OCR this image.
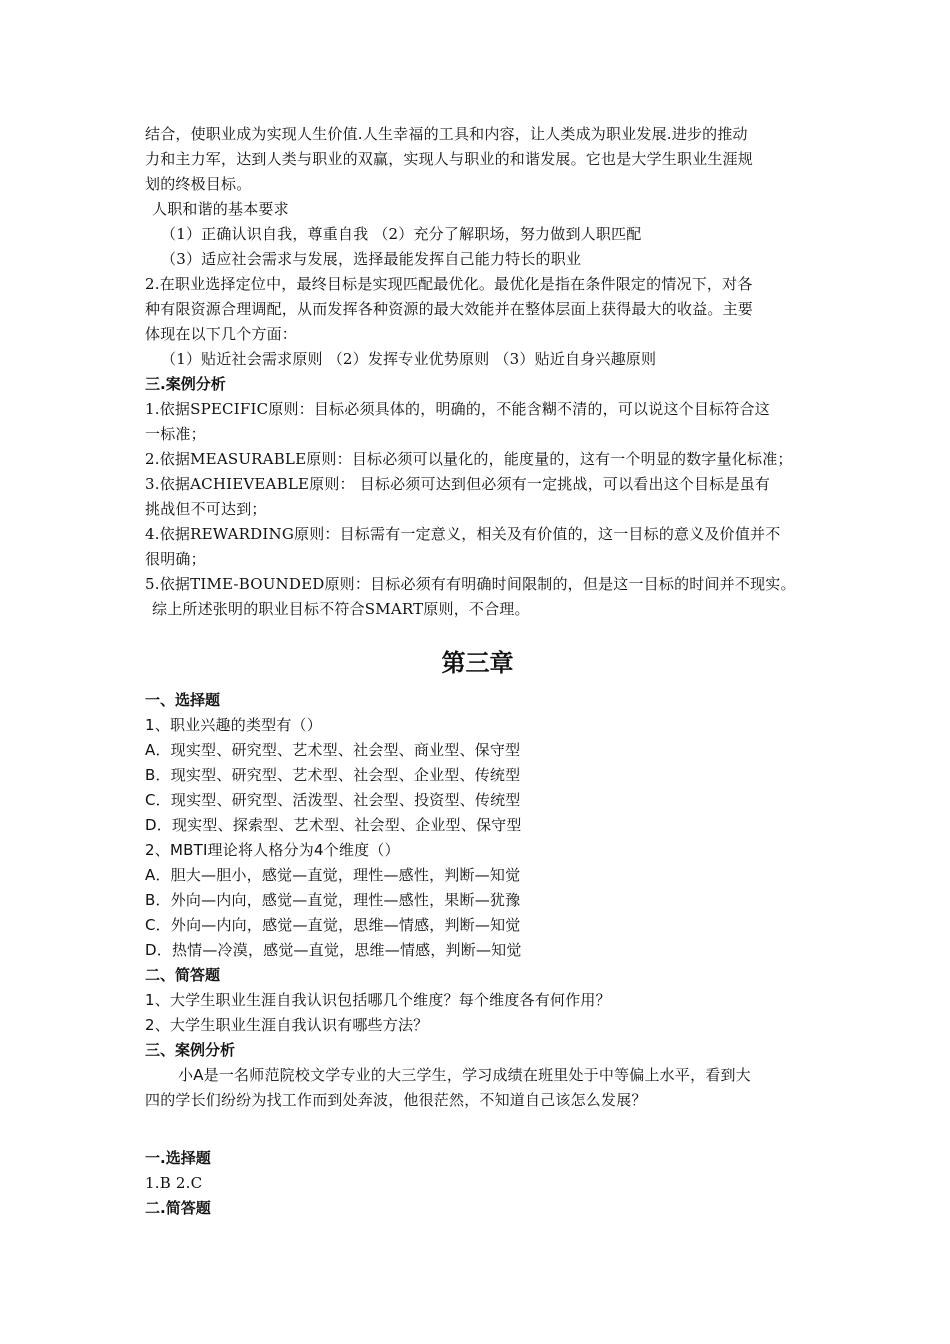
结合，使职业成为实现人生价值.人生幸福的工具和内容，让人类成为职业发展.进步的推动
力和主力军，达到人类与职业的双赢，实现人与职业的和谐发展。它也是大学生职业生涯规
划的终极目标。
人职和谐的基本要求
（1）正确认识自我，尊重自我 （2）充分了解职场，努力做到人职匹配
（3）适应社会需求与发展，选择最能发挥自己能力特长的职业
2.在职业选择定位中，最终目标是实现匹配最优化。最优化是指在条件限定的情况下，对各
种有限资源合理调配，从而发挥各种资源的最大效能并在整体层面上获得最大的收益。主要
体现在以下几个方面：
（1）贴近社会需求原则 （2）发挥专业优势原则 （3）贴近自身兴趣原则
三.案例分析
1.依据SPECIFIC原则：目标必须具体的，明确的，不能含糊不清的，可以说这个目标符合这
一标准；
2.依据MEASURABLE原则：目标必须可以量化的，能度量的，这有一个明显的数字量化标准；
3.依据ACHIEVEABLE原则： 目标必须可达到但必须有一定挑战，可以看出这个目标是虽有
挑战但不可达到；
4.依据REWARDING原则：目标需有一定意义，相关及有价值的，这一目标的意义及价值并不
很明确；
5.依据TIME-BOUNDED原则：目标必须有有明确时间限制的，但是这一目标的时间并不现实。
综上所述张明的职业目标不符合SMART原则，不合理。
第三章
一、选择题
1、职业兴趣的类型有（）
A．现实型、研究型、艺术型、社会型、商业型、保守型
B．现实型、研究型、艺术型、社会型、企业型、传统型
C．现实型、研究型、活泼型、社会型、投资型、传统型
D．现实型、探索型、艺术型、社会型、企业型、保守型
2、MBTI理论将人格分为4个维度（）
A．胆大—胆小，感觉—直觉，理性—感性，判断—知觉
B．外向—内向，感觉—直觉，理性—感性，果断—犹豫
C．外向—内向，感觉—直觉，思维—情感，判断—知觉
D．热情—冷漠，感觉—直觉，思维—情感，判断—知觉
二、简答题
1、大学生职业生涯自我认识包括哪几个维度？每个维度各有何作用？
2、大学生职业生涯自我认识有哪些方法？
三、案例分析
小A是一名师范院校文学专业的大三学生，学习成绩在班里处于中等偏上水平，看到大
四的学长们纷纷为找工作而到处奔波，他很茫然，不知道自己该怎么发展？
一.选择题
1.B 2.C
二.简答题
